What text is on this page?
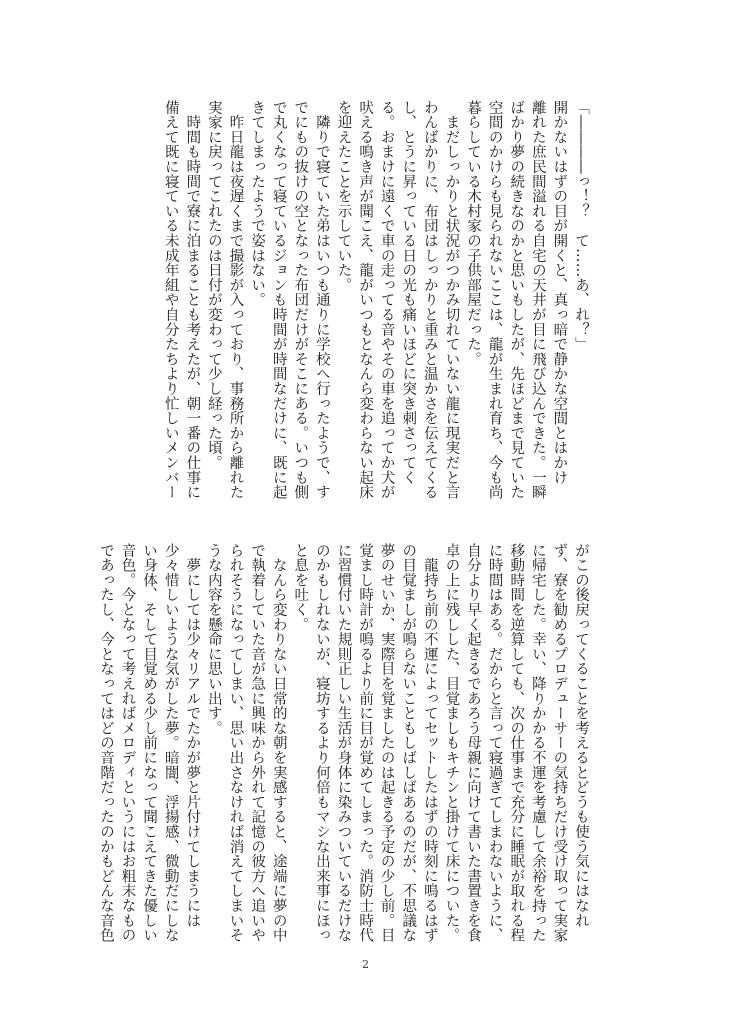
「――――っ！？　て……あ、れ？」
開かないはずの目が開くと、真っ暗で静かな空間とはかけ
離れた庶民間溢れる自宅の天井が目に飛び込んできた。一瞬
ばかり夢の続きなのかと思いもしたが、先ほどまで見ていた
空間のかけらも見られないここは、龍が生まれ育ち、今も尚
暮らしている木村家の子供部屋だった。
　まだしっかりと状況がつかみ切れていない龍に現実だと言
わんばかりに、布団はしっかりと重みと温かさを伝えてくる
し、とうに昇っている日の光も痛いほどに突き刺さってく
る。おまけに遠くで車の走ってる音やその車を追ってか犬が
吠える鳴き声が聞こえ、龍がいつもとなんら変わらない起床
を迎えたことを示していた。
　隣りで寝ていた弟はいつも通りに学校へ行ったようで、す
でにもの抜けの空となった布団だけがそこにある。いつも側
で丸くなって寝ているジョンも時間が時間なだけに、既に起
きてしまったようで姿はない。
　昨日龍は夜遅くまで撮影が入っており、事務所から離れた
実家に戻ってこれたのは日付が変わって少し経った頃。
　時間も時間で寮に泊まることも考えたが、朝一番の仕事に
備えて既に寝ている未成年組や自分たちより忙しいメンバー
がこの後戻ってくることを考えるとどうも使う気にはなれ
ず、寮を勧めるプロデューサーの気持ちだけ受け取って実家
に帰宅した。幸い、降りかかる不運を考慮して余裕を持った
移動時間を逆算しても、次の仕事まで充分に睡眠が取れる程
に時間はある。だからと言って寝過ぎてしまわないように、
自分より早く起きるであろう母親に向けて書いた書置きを食
卓の上に残しした、目覚ましもキチンと掛けて床についた。
　龍持ち前の不運によってセットしたはずの時刻に鳴るはず
の目覚ましが鳴らないこともしばしばあるのだが、不思議な
夢のせいか、実際目を覚ましたのは起きる予定の少し前。目
覚まし時計が鳴るより前に目が覚めてしまった。消防士時代
に習慣付いた規則正しい生活が身体に染みついているだけな
のかもしれないが、寝坊するより何倍もマシな出来事にほっ
と息を吐く。
　なんら変わりない日常的な朝を実感すると、途端に夢の中
で執着していた音が急に興味から外れて記憶の彼方へ追いや
られそうになってしまい、思い出さなければ消えてしまいそ
うな内容を懸命に思い出す。
　夢にしては少々リアルでたかが夢と片付けてしまうには
少々惜しいような気がした夢。暗闇、浮揚感、微動だにしな
い身体、そして目覚める少し前になって聞こえてきた優しい
音色。今となって考えればメロディというにはお粗末なもの
であったし、今となってはどの音階だったのかもどんな音色
2
